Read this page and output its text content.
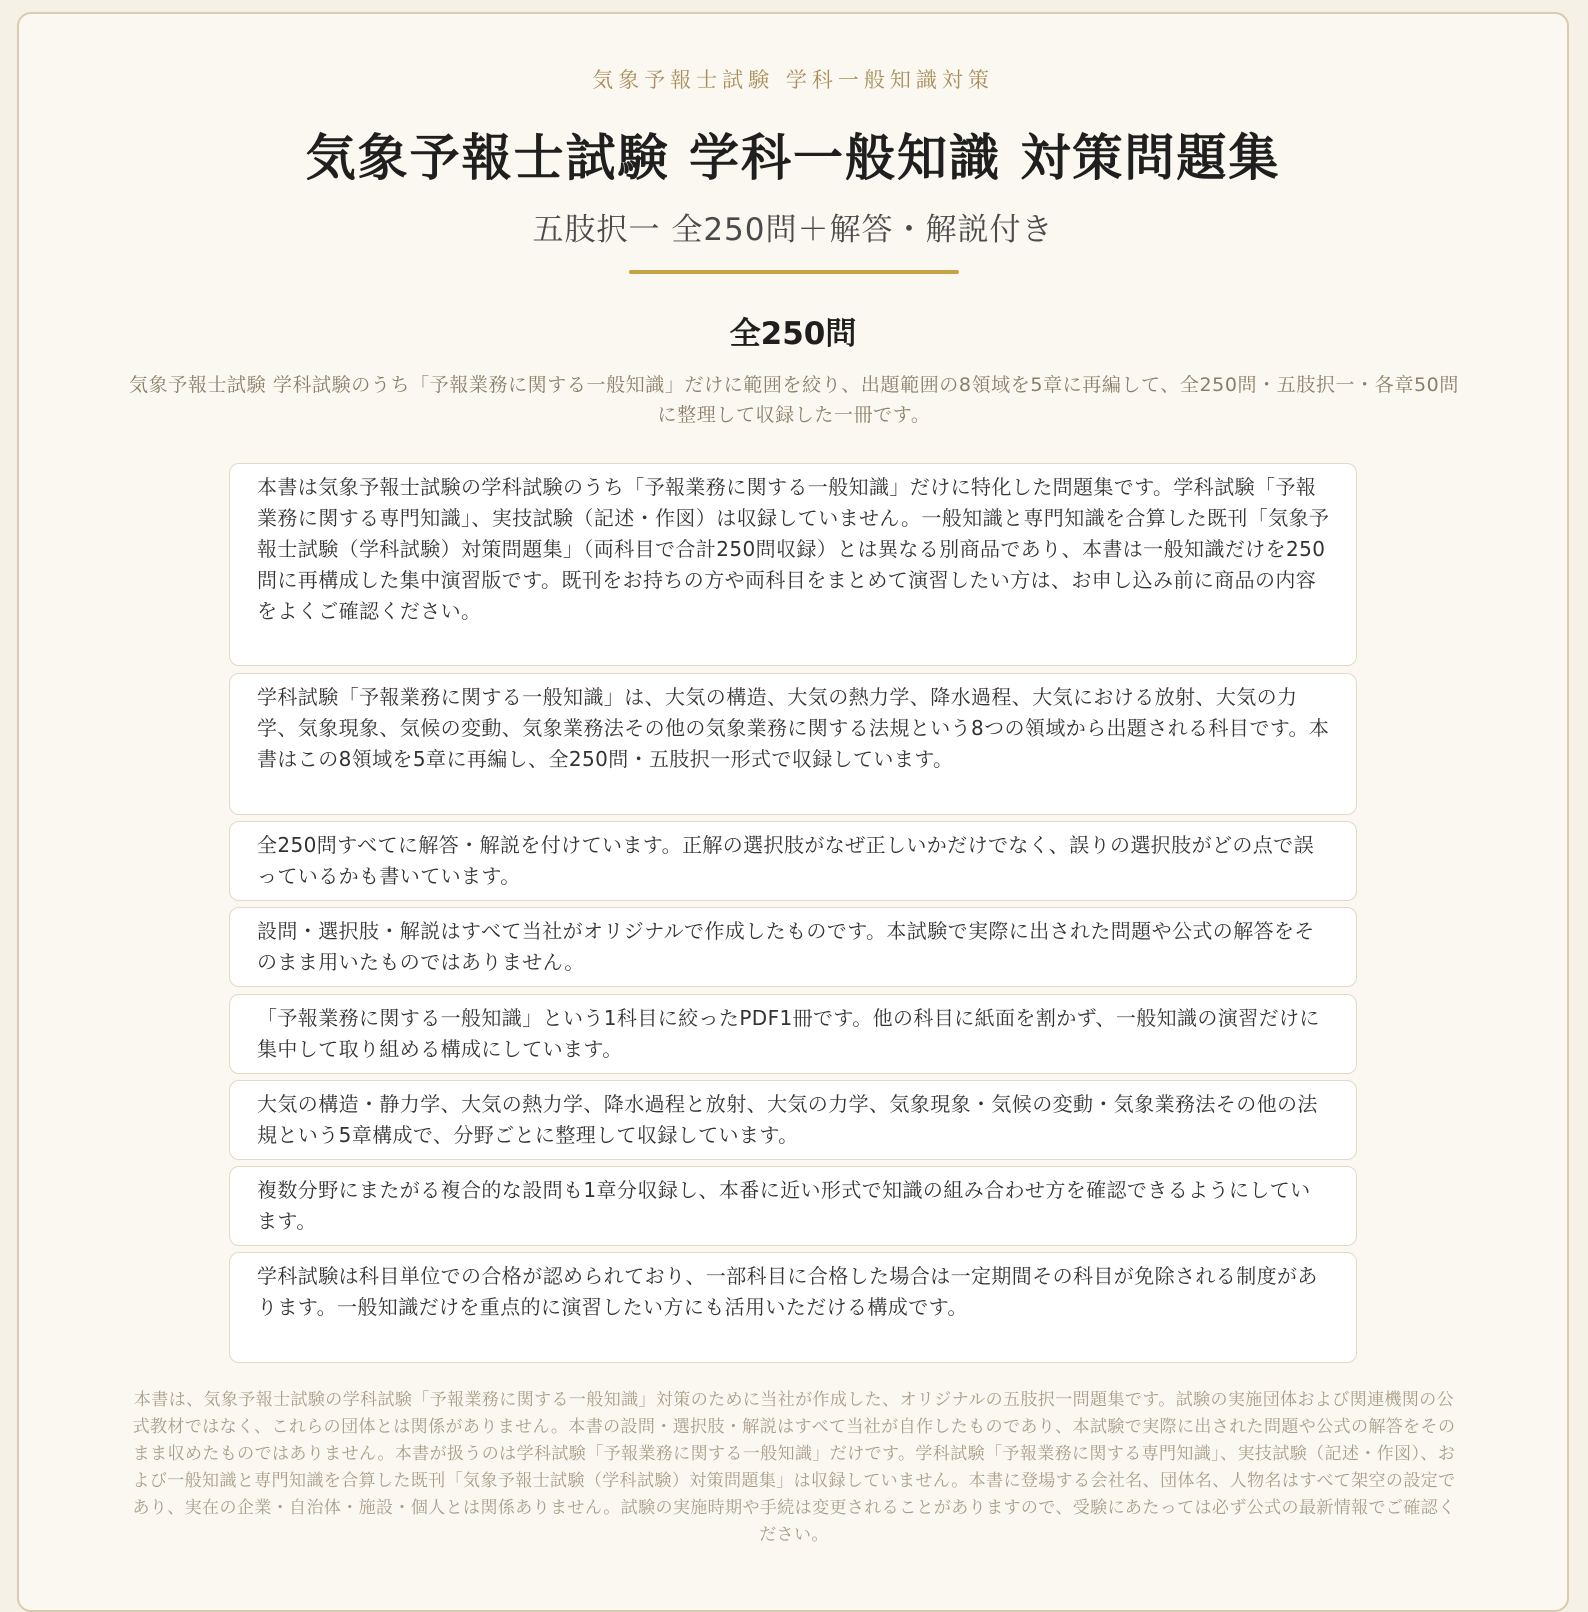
気象予報士試験 学科一般知識対策
気象予報士試験 学科一般知識 対策問題集
五肢択一 全250問＋解答・解説付き
全250問
気象予報士試験 学科試験のうち「予報業務に関する一般知識」だけに範囲を絞り、出題範囲の8領域を5章に再編して、全250問・五肢択一・各章50問に整理して収録した一冊です。
本書は気象予報士試験の学科試験のうち「予報業務に関する一般知識」だけに特化した問題集です。学科試験「予報業務に関する専門知識」、実技試験（記述・作図）は収録していません。一般知識と専門知識を合算した既刊「気象予報士試験（学科試験）対策問題集」（両科目で合計250問収録）とは異なる別商品であり、本書は一般知識だけを250問に再構成した集中演習版です。既刊をお持ちの方や両科目をまとめて演習したい方は、お申し込み前に商品の内容をよくご確認ください。
学科試験「予報業務に関する一般知識」は、大気の構造、大気の熱力学、降水過程、大気における放射、大気の力学、気象現象、気候の変動、気象業務法その他の気象業務に関する法規という8つの領域から出題される科目です。本書はこの8領域を5章に再編し、全250問・五肢択一形式で収録しています。
全250問すべてに解答・解説を付けています。正解の選択肢がなぜ正しいかだけでなく、誤りの選択肢がどの点で誤っているかも書いています。
設問・選択肢・解説はすべて当社がオリジナルで作成したものです。本試験で実際に出された問題や公式の解答をそのまま用いたものではありません。
「予報業務に関する一般知識」という1科目に絞ったPDF1冊です。他の科目に紙面を割かず、一般知識の演習だけに集中して取り組める構成にしています。
大気の構造・静力学、大気の熱力学、降水過程と放射、大気の力学、気象現象・気候の変動・気象業務法その他の法規という5章構成で、分野ごとに整理して収録しています。
複数分野にまたがる複合的な設問も1章分収録し、本番に近い形式で知識の組み合わせ方を確認できるようにしています。
学科試験は科目単位での合格が認められており、一部科目に合格した場合は一定期間その科目が免除される制度があります。一般知識だけを重点的に演習したい方にも活用いただける構成です。
本書は、気象予報士試験の学科試験「予報業務に関する一般知識」対策のために当社が作成した、オリジナルの五肢択一問題集です。試験の実施団体および関連機関の公式教材ではなく、これらの団体とは関係がありません。本書の設問・選択肢・解説はすべて当社が自作したものであり、本試験で実際に出された問題や公式の解答をそのまま収めたものではありません。本書が扱うのは学科試験「予報業務に関する一般知識」だけです。学科試験「予報業務に関する専門知識」、実技試験（記述・作図）、および一般知識と専門知識を合算した既刊「気象予報士試験（学科試験）対策問題集」は収録していません。本書に登場する会社名、団体名、人物名はすべて架空の設定であり、実在の企業・自治体・施設・個人とは関係ありません。試験の実施時期や手続は変更されることがありますので、受験にあたっては必ず公式の最新情報でご確認ください。
